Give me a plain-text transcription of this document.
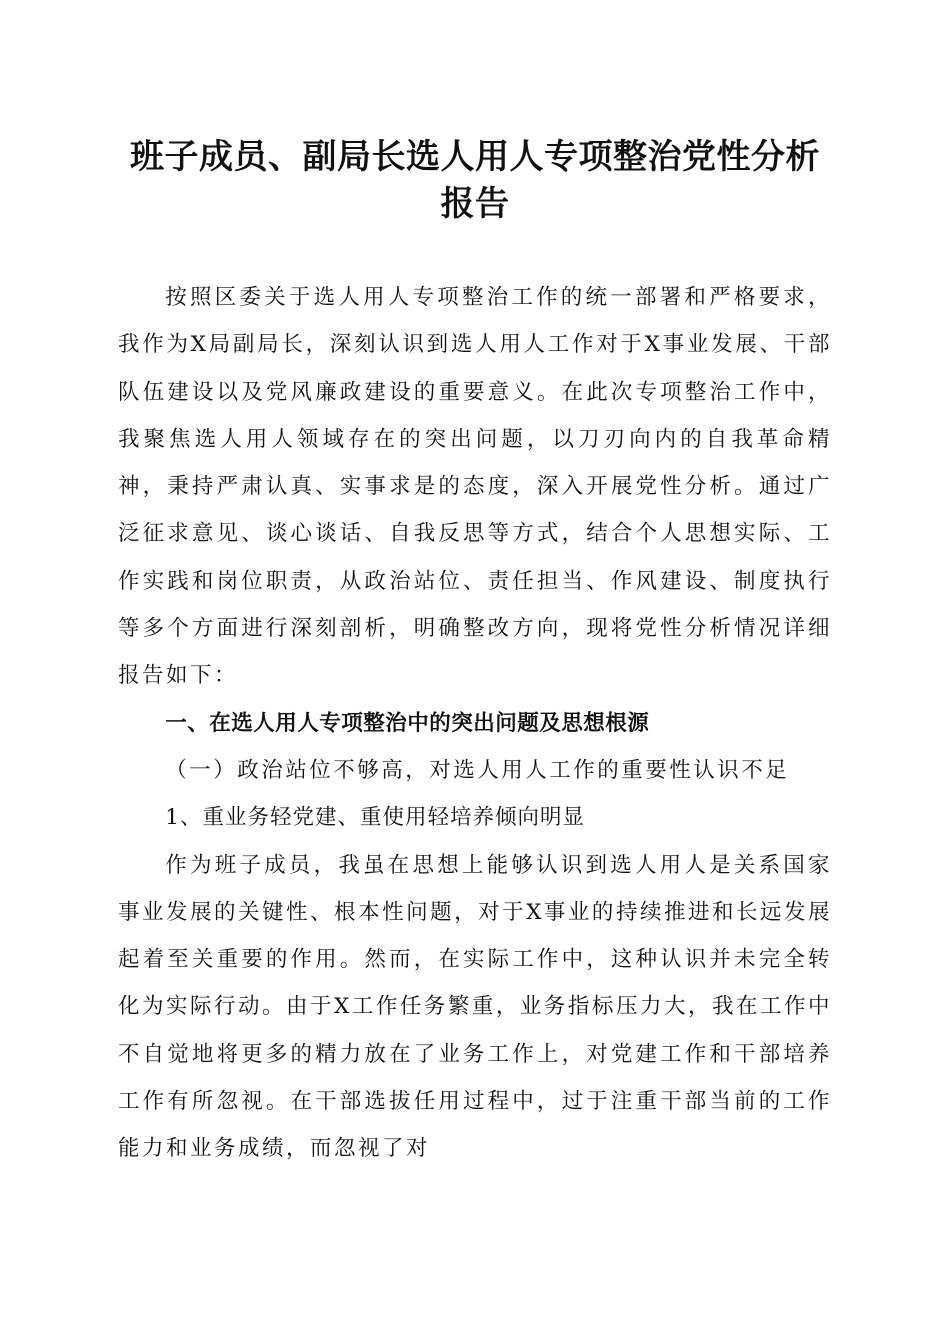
班子成员、副局长选人用人专项整治党性分析报告

按照区委关于选人用人专项整治工作的统一部署和严格要求，我作为X局副局长，深刻认识到选人用人工作对于X事业发展、干部队伍建设以及党风廉政建设的重要意义。在此次专项整治工作中，我聚焦选人用人领域存在的突出问题，以刀刃向内的自我革命精神，秉持严肃认真、实事求是的态度，深入开展党性分析。通过广泛征求意见、谈心谈话、自我反思等方式，结合个人思想实际、工作实践和岗位职责，从政治站位、责任担当、作风建设、制度执行等多个方面进行深刻剖析，明确整改方向，现将党性分析情况详细报告如下：

一、在选人用人专项整治中的突出问题及思想根源

（一）政治站位不够高，对选人用人工作的重要性认识不足

1、重业务轻党建、重使用轻培养倾向明显

作为班子成员，我虽在思想上能够认识到选人用人是关系国家事业发展的关键性、根本性问题，对于X事业的持续推进和长远发展起着至关重要的作用。然而，在实际工作中，这种认识并未完全转化为实际行动。由于X工作任务繁重，业务指标压力大，我在工作中不自觉地将更多的精力放在了业务工作上，对党建工作和干部培养工作有所忽视。在干部选拔任用过程中，过于注重干部当前的工作能力和业务成绩，而忽视了对
